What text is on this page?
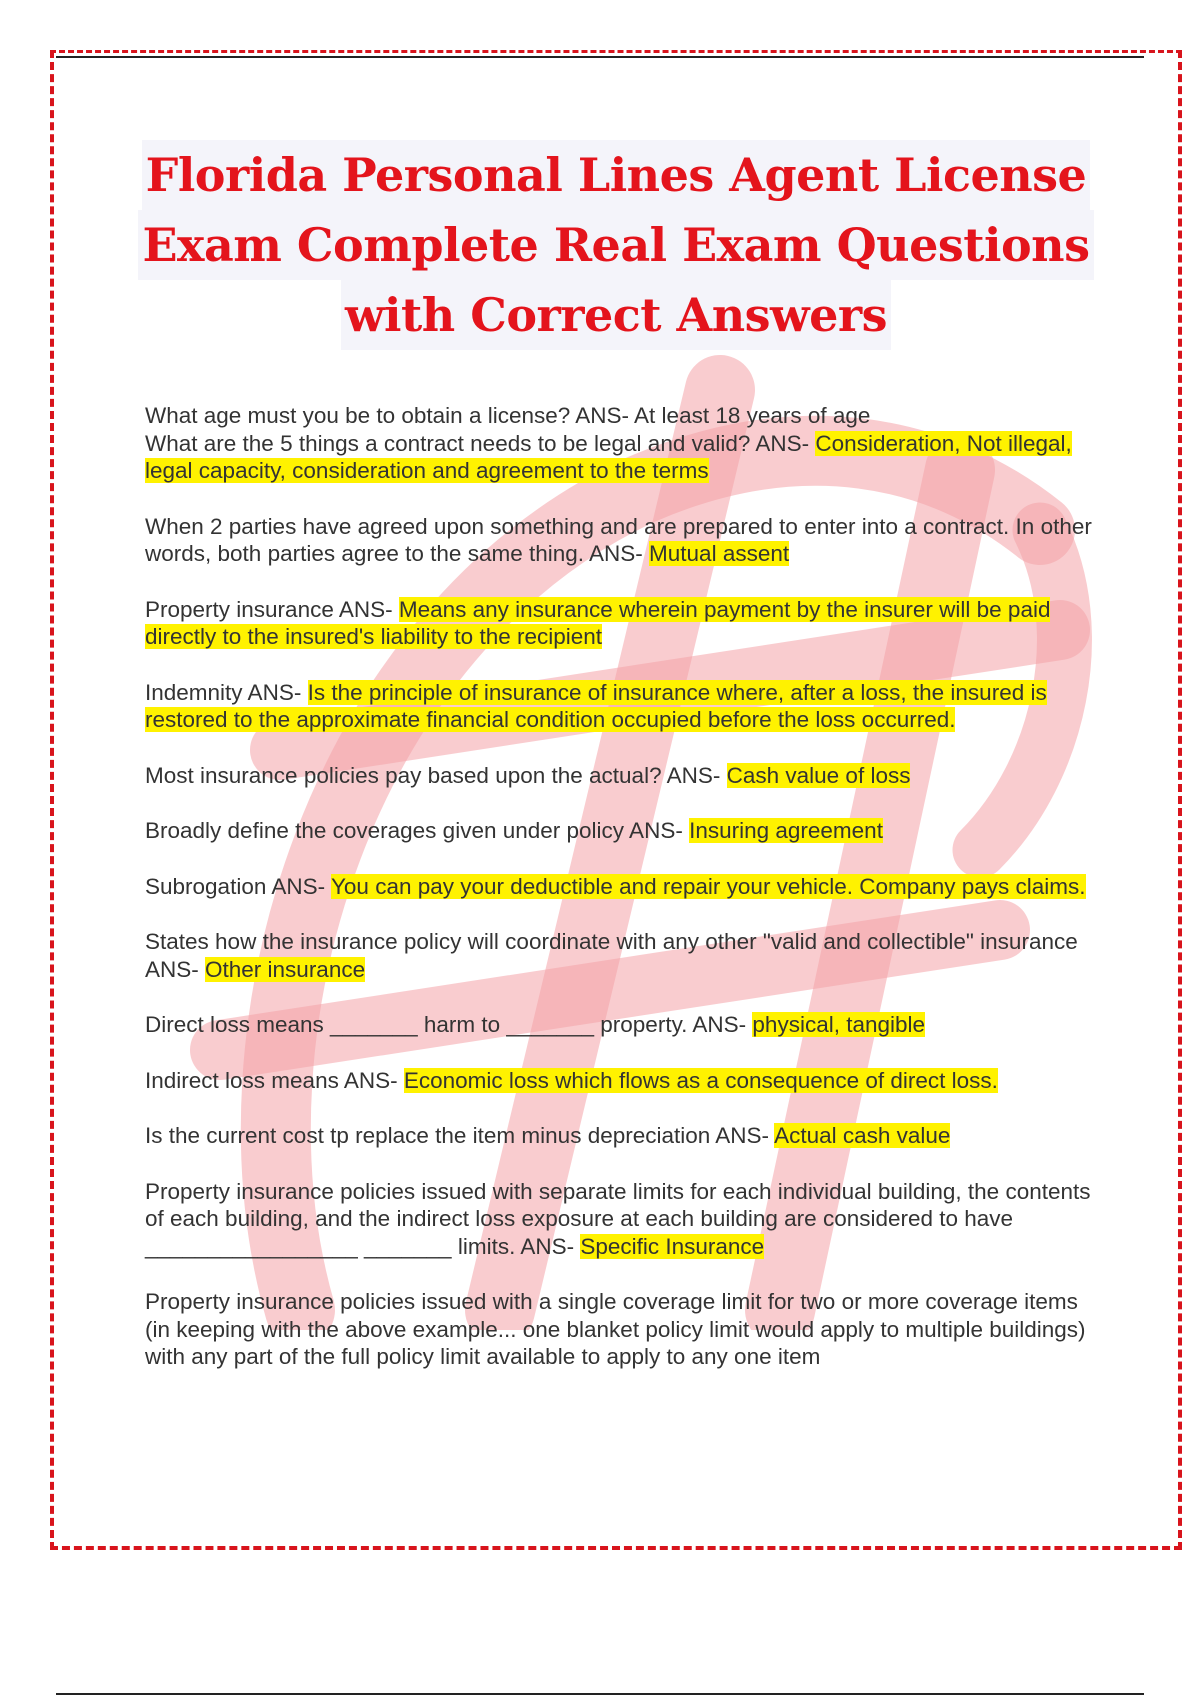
Florida Personal Lines Agent License
Exam Complete Real Exam Questions
with Correct Answers
What age must you be to obtain a license? ANS- At least 18 years of age
What are the 5 things a contract needs to be legal and valid? ANS- Consideration, Not illegal, legal capacity, consideration and agreement to the terms
When 2 parties have agreed upon something and are prepared to enter into a contract. In other words, both parties agree to the same thing. ANS- Mutual assent
Property insurance ANS- Means any insurance wherein payment by the insurer will be paid directly to the insured's liability to the recipient
Indemnity ANS- Is the principle of insurance of insurance where, after a loss, the insured is restored to the approximate financial condition occupied before the loss occurred.
Most insurance policies pay based upon the actual? ANS- Cash value of loss
Broadly define the coverages given under policy ANS- Insuring agreement
Subrogation ANS- You can pay your deductible and repair your vehicle. Company pays claims.
States how the insurance policy will coordinate with any other "valid and collectible" insurance ANS- Other insurance
Direct loss means _______ harm to _______ property. ANS- physical, tangible
Indirect loss means ANS- Economic loss which flows as a consequence of direct loss.
Is the current cost tp replace the item minus depreciation ANS- Actual cash value
Property insurance policies issued with separate limits for each individual building, the contents of each building, and the indirect loss exposure at each building are considered to have _________________ _______ limits. ANS- Specific Insurance
Property insurance policies issued with a single coverage limit for two or more coverage items (in keeping with the above example... one blanket policy limit would apply to multiple buildings) with any part of the full policy limit available to apply to any one item
